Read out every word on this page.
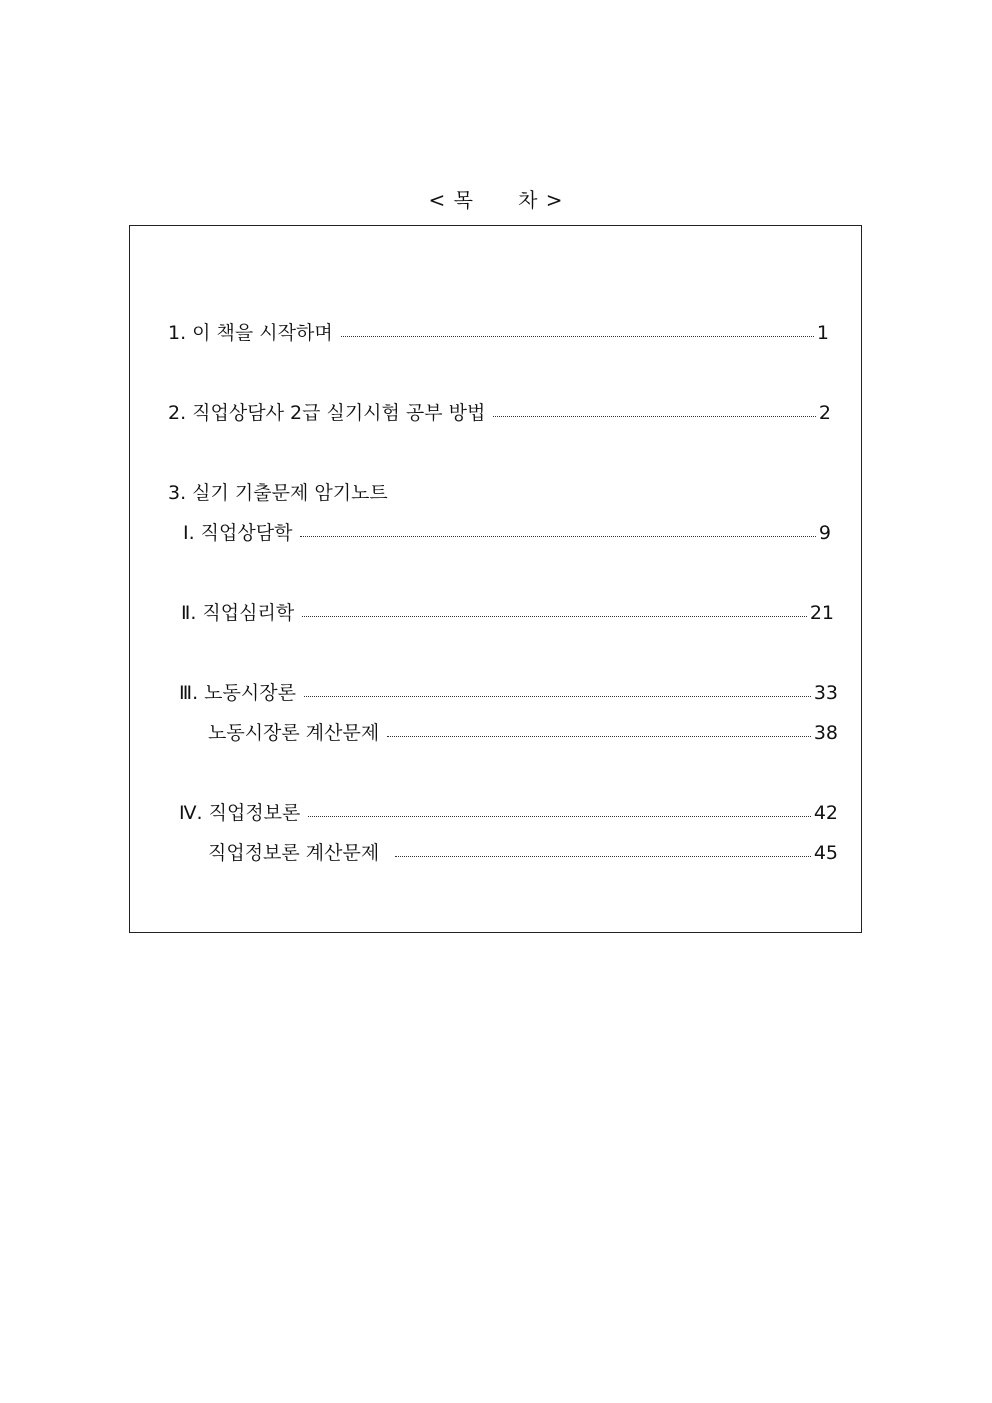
< 목      차 >
1. 이 책을 시작하며	1
2. 직업상담사 2급 실기시험 공부 방법	2
3. 실기 기출문제 암기노트
Ⅰ. 직업상담학	9
Ⅱ. 직업심리학	21
Ⅲ. 노동시장론	33
노동시장론 계산문제	38
Ⅳ. 직업정보론	42
직업정보론 계산문제	45
